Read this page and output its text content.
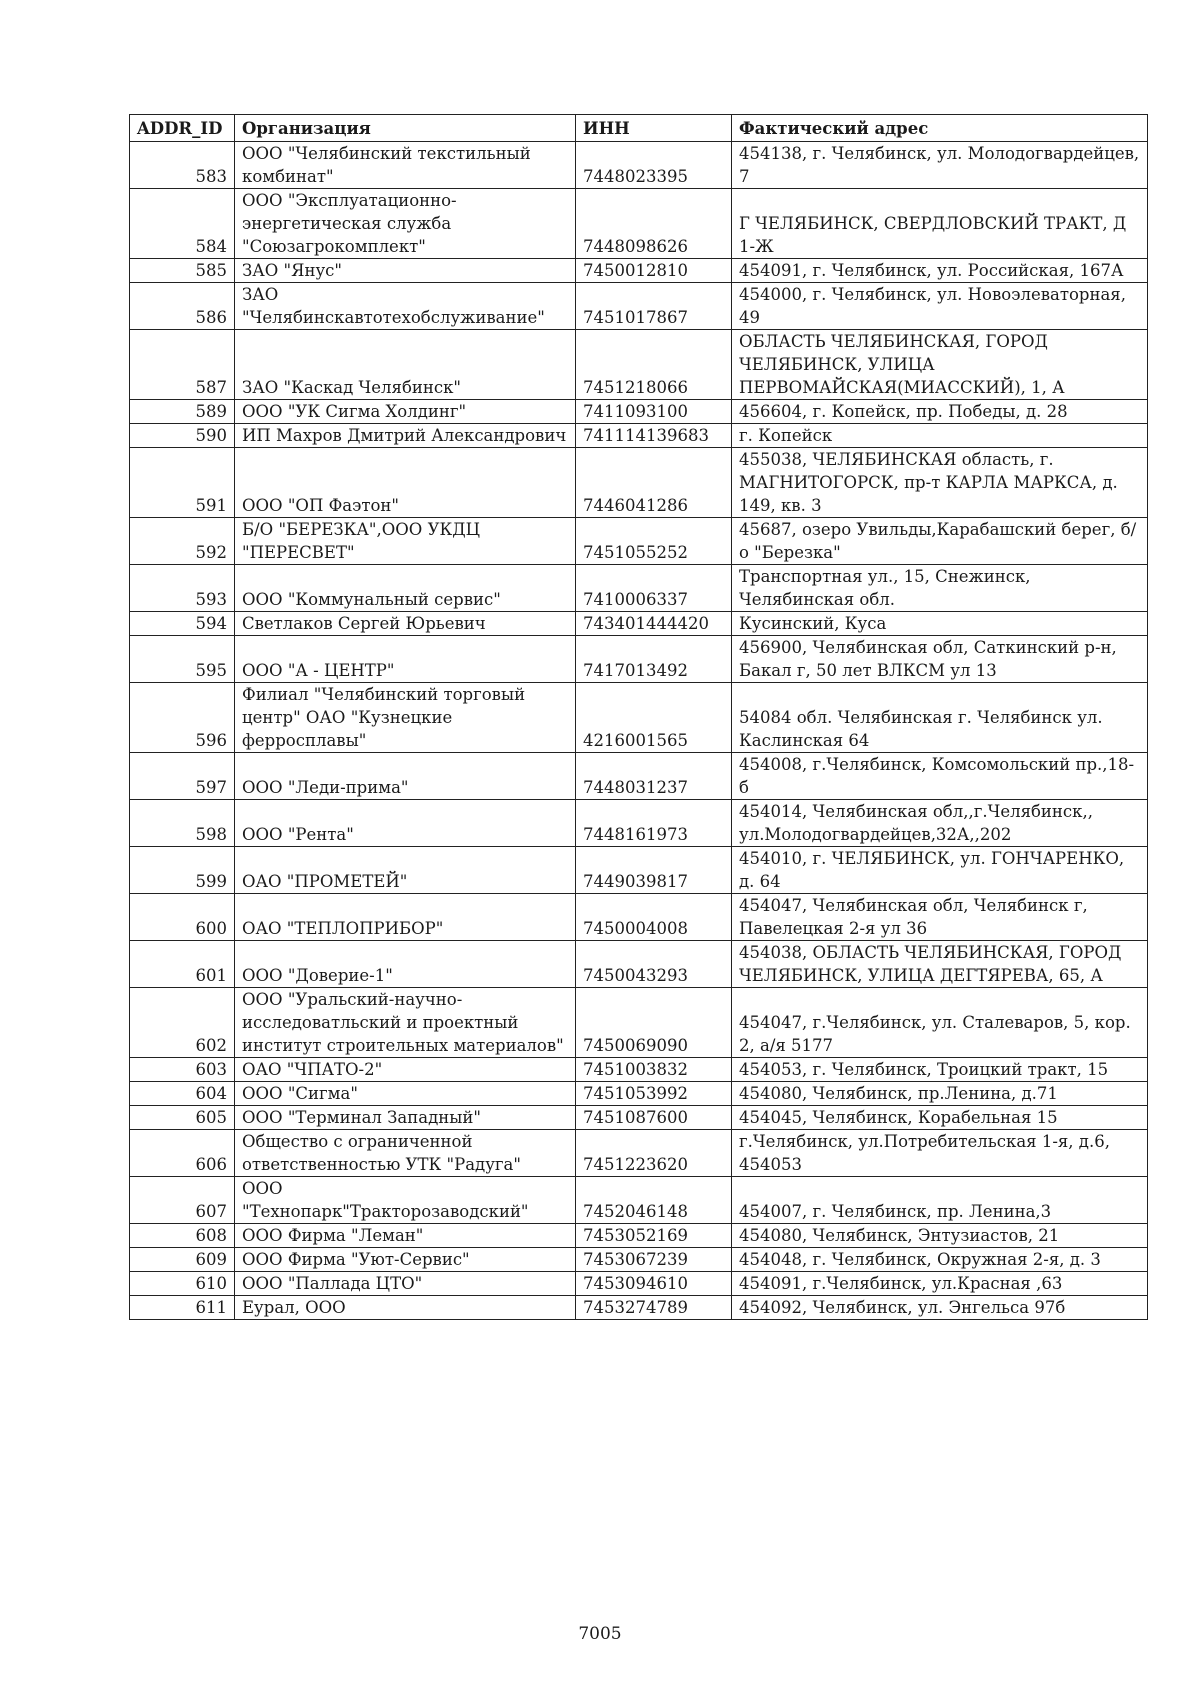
ADDR_ID	Организация	ИНН	Фактический адрес
583	ООО "Челябинский текстильный комбинат"	7448023395	454138, г. Челябинск, ул. Молодогвардейцев, 7
584	ООО "Эксплуатационно-энергетическая служба "Союзагрокомплект"	7448098626	Г ЧЕЛЯБИНСК, СВЕРДЛОВСКИЙ ТРАКТ, Д 1-Ж
585	ЗАО "Янус"	7450012810	454091, г. Челябинск, ул. Российская, 167А
586	ЗАО "Челябинскавтотехобслуживание"	7451017867	454000, г. Челябинск, ул. Новоэлеваторная, 49
587	ЗАО "Каскад Челябинск"	7451218066	ОБЛАСТЬ ЧЕЛЯБИНСКАЯ, ГОРОД ЧЕЛЯБИНСК, УЛИЦА ПЕРВОМАЙСКАЯ(МИАССКИЙ), 1, А
589	ООО "УК Сигма Холдинг"	7411093100	456604, г. Копейск, пр. Победы, д. 28
590	ИП Махров Дмитрий Александрович	741114139683	г. Копейск
591	ООО "ОП Фаэтон"	7446041286	455038, ЧЕЛЯБИНСКАЯ область, г. МАГНИТОГОРСК, пр-т КАРЛА МАРКСА, д. 149, кв. 3
592	Б/О "БЕРЕЗКА",ООО УКДЦ "ПЕРЕСВЕТ"	7451055252	45687, озеро Увильды,Карабашский берег, б/о "Березка"
593	ООО "Коммунальный сервис"	7410006337	Транспортная ул., 15, Снежинск, Челябинская обл.
594	Светлаков Сергей Юрьевич	743401444420	Кусинский, Куса
595	ООО "А - ЦЕНТР"	7417013492	456900, Челябинская обл, Саткинский р-н, Бакал г, 50 лет ВЛКСМ ул 13
596	Филиал "Челябинский торговый центр" ОАО "Кузнецкие ферросплавы"	4216001565	54084 обл. Челябинская г. Челябинск ул. Каслинская 64
597	ООО "Леди-прима"	7448031237	454008, г.Челябинск, Комсомольский пр.,18-б
598	ООО "Рента"	7448161973	454014, Челябинская обл,,г.Челябинск,, ул.Молодогвардейцев,32А,,202
599	ОАО "ПРОМЕТЕЙ"	7449039817	454010, г. ЧЕЛЯБИНСК, ул. ГОНЧАРЕНКО, д. 64
600	ОАО "ТЕПЛОПРИБОР"	7450004008	454047, Челябинская обл, Челябинск г, Павелецкая 2-я ул 36
601	ООО "Доверие-1"	7450043293	454038, ОБЛАСТЬ ЧЕЛЯБИНСКАЯ, ГОРОД ЧЕЛЯБИНСК, УЛИЦА ДЕГТЯРЕВА, 65, А
602	ООО "Уральский-научно-исследоватльский и проектный институт строительных материалов"	7450069090	454047, г.Челябинск, ул. Сталеваров, 5, кор. 2, а/я 5177
603	ОАО "ЧПАТО-2"	7451003832	454053, г. Челябинск, Троицкий тракт, 15
604	ООО "Сигма"	7451053992	454080, Челябинск, пр.Ленина, д.71
605	ООО "Терминал Западный"	7451087600	454045, Челябинск, Корабельная 15
606	Общество с ограниченной ответственностью УТК "Радуга"	7451223620	г.Челябинск, ул.Потребительская 1-я, д.6, 454053
607	ООО "Технопарк"Тракторозаводский"	7452046148	454007, г. Челябинск, пр. Ленина,3
608	ООО Фирма "Леман"	7453052169	454080, Челябинск, Энтузиастов, 21
609	ООО Фирма "Уют-Сервис"	7453067239	454048, г. Челябинск, Окружная 2-я, д. 3
610	ООО "Паллада ЦТО"	7453094610	454091, г.Челябинск, ул.Красная ,63
611	Еурал, ООО	7453274789	454092, Челябинск, ул. Энгельса 97б
7005
